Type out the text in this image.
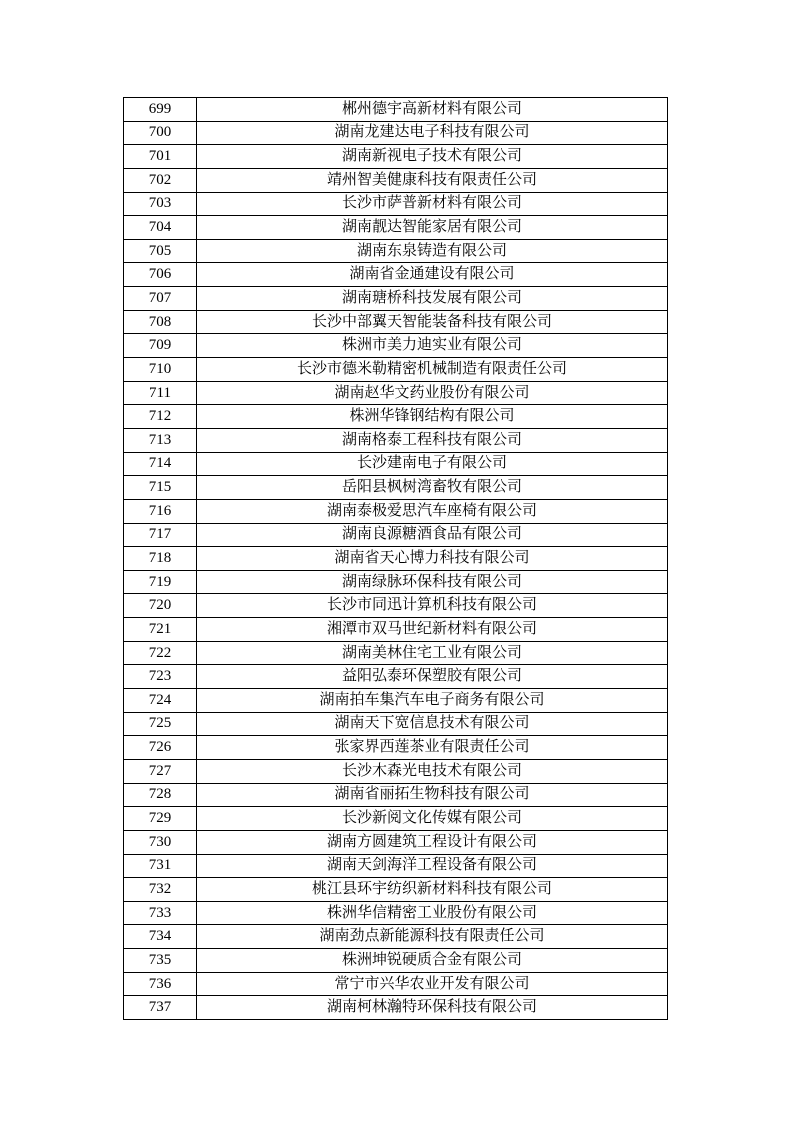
699	郴州德宇高新材料有限公司
700	湖南龙建达电子科技有限公司
701	湖南新视电子技术有限公司
702	靖州智美健康科技有限责任公司
703	长沙市萨普新材料有限公司
704	湖南靓达智能家居有限公司
705	湖南东泉铸造有限公司
706	湖南省金通建设有限公司
707	湖南瑭桥科技发展有限公司
708	长沙中部翼天智能装备科技有限公司
709	株洲市美力迪实业有限公司
710	长沙市德米勒精密机械制造有限责任公司
711	湖南赵华文药业股份有限公司
712	株洲华锋钢结构有限公司
713	湖南格泰工程科技有限公司
714	长沙建南电子有限公司
715	岳阳县枫树湾畜牧有限公司
716	湖南泰极爱思汽车座椅有限公司
717	湖南良源糖酒食品有限公司
718	湖南省天心博力科技有限公司
719	湖南绿脉环保科技有限公司
720	长沙市同迅计算机科技有限公司
721	湘潭市双马世纪新材料有限公司
722	湖南美林住宅工业有限公司
723	益阳弘泰环保塑胶有限公司
724	湖南拍车集汽车电子商务有限公司
725	湖南天下宽信息技术有限公司
726	张家界西莲茶业有限责任公司
727	长沙木森光电技术有限公司
728	湖南省丽拓生物科技有限公司
729	长沙新阅文化传媒有限公司
730	湖南方圆建筑工程设计有限公司
731	湖南天剑海洋工程设备有限公司
732	桃江县环宇纺织新材料科技有限公司
733	株洲华信精密工业股份有限公司
734	湖南劲点新能源科技有限责任公司
735	株洲坤锐硬质合金有限公司
736	常宁市兴华农业开发有限公司
737	湖南柯林瀚特环保科技有限公司
